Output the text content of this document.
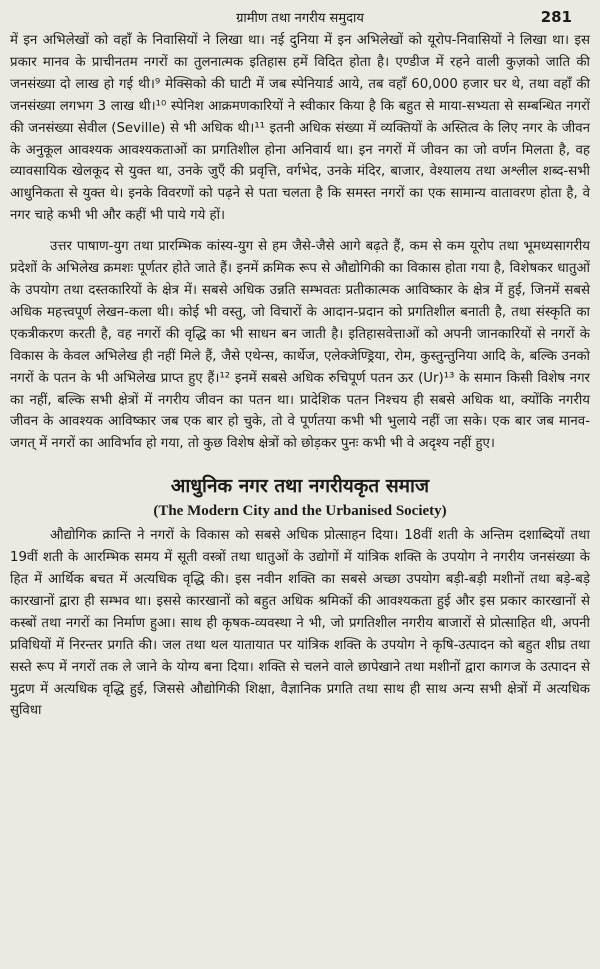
ग्रामीण तथा नगरीय समुदाय	281

में इन अभिलेखों को वहाँ के निवासियों ने लिखा था। नई दुनिया में इन अभिलेखों को यूरोप-निवासियों ने लिखा था। इस प्रकार मानव के प्राचीनतम नगरों का तुलनात्मक इतिहास हमें विदित होता है। एण्डीज में रहने वाली कुज़को जाति की जनसंख्या दो लाख हो गई थी।⁹ मेक्सिको की घाटी में जब स्पेनियार्ड आये, तब वहाँ 60,000 हजार घर थे, तथा वहाँ की जनसंख्या लगभग 3 लाख थी।¹⁰ स्पेनिश आक्रमणकारियों ने स्वीकार किया है कि बहुत से माया-सभ्यता से सम्बन्धित नगरों की जनसंख्या सेवील (Seville) से भी अधिक थी।¹¹ इतनी अधिक संख्या में व्यक्तियों के अस्तित्व के लिए नगर के जीवन के अनुकूल आवश्यक आवश्यकताओं का प्रगतिशील होना अनिवार्य था। इन नगरों में जीवन का जो वर्णन मिलता है, वह व्यावसायिक खेलकूद से युक्त था, उनके जुएँ की प्रवृत्ति, वर्गभेद, उनके मंदिर, बाजार, वेश्यालय तथा अश्लील शब्द-सभी आधुनिकता से युक्त थे। इनके विवरणों को पढ़ने से पता चलता है कि समस्त नगरों का एक सामान्य वातावरण होता है, वे नगर चाहे कभी भी और कहीं भी पाये गये हों।

उत्तर पाषाण-युग तथा प्रारम्भिक कांस्य-युग से हम जैसे-जैसे आगे बढ़ते हैं, कम से कम यूरोप तथा भूमध्यसागरीय प्रदेशों के अभिलेख क्रमशः पूर्णतर होते जाते हैं। इनमें क्रमिक रूप से औद्योगिकी का विकास होता गया है, विशेषकर धातुओं के उपयोग तथा दस्तकारियों के क्षेत्र में। सबसे अधिक उन्नति सम्भवतः प्रतीकात्मक आविष्कार के क्षेत्र में हुई, जिनमें सबसे अधिक महत्त्वपूर्ण लेखन-कला थी। कोई भी वस्तु, जो विचारों के आदान-प्रदान को प्रगतिशील बनाती है, तथा संस्कृति का एकत्रीकरण करती है, वह नगरों की वृद्धि का भी साधन बन जाती है। इतिहासवेत्ताओं को अपनी जानकारियों से नगरों के विकास के केवल अभिलेख ही नहीं मिले हैं, जैसे एथेन्स, कार्थेज, एलेक्जेण्ड्रिया, रोम, कुस्तुन्तुनिया आदि के, बल्कि उनको नगरों के पतन के भी अभिलेख प्राप्त हुए हैं।¹² इनमें सबसे अधिक रुचिपूर्ण पतन ऊर (Ur)¹³ के समान किसी विशेष नगर का नहीं, बल्कि सभी क्षेत्रों में नगरीय जीवन का पतन था। प्रादेशिक पतन निश्चय ही सबसे अधिक था, क्योंकि नगरीय जीवन के आवश्यक आविष्कार जब एक बार हो चुके, तो वे पूर्णतया कभी भी भुलाये नहीं जा सके। एक बार जब मानव-जगत् में नगरों का आविर्भाव हो गया, तो कुछ विशेष क्षेत्रों को छोड़कर पुनः कभी भी वे अदृश्य नहीं हुए।

आधुनिक नगर तथा नगरीयकृत समाज
(The Modern City and the Urbanised Society)

औद्योगिक क्रान्ति ने नगरों के विकास को सबसे अधिक प्रोत्साहन दिया। 18वीं शती के अन्तिम दशाब्दियों तथा 19वीं शती के आरम्भिक समय में सूती वस्त्रों तथा धातुओं के उद्योगों में यांत्रिक शक्ति के उपयोग ने नगरीय जनसंख्या के हित में आर्थिक बचत में अत्यधिक वृद्धि की। इस नवीन शक्ति का सबसे अच्छा उपयोग बड़ी-बड़ी मशीनों तथा बड़े-बड़े कारखानों द्वारा ही सम्भव था। इससे कारखानों को बहुत अधिक श्रमिकों की आवश्यकता हुई और इस प्रकार कारखानों से कस्बों तथा नगरों का निर्माण हुआ। साथ ही कृषक-व्यवस्था ने भी, जो प्रगतिशील नगरीय बाजारों से प्रोत्साहित थी, अपनी प्रविधियों में निरन्तर प्रगति की। जल तथा थल यातायात पर यांत्रिक शक्ति के उपयोग ने कृषि-उत्पादन को बहुत शीघ्र तथा सस्ते रूप में नगरों तक ले जाने के योग्य बना दिया। शक्ति से चलने वाले छापेखाने तथा मशीनों द्वारा कागज के उत्पादन से मुद्रण में अत्यधिक वृद्धि हुई, जिससे औद्योगिकी शिक्षा, वैज्ञानिक प्रगति तथा साथ ही साथ अन्य सभी क्षेत्रों में अत्यधिक सुविधा
